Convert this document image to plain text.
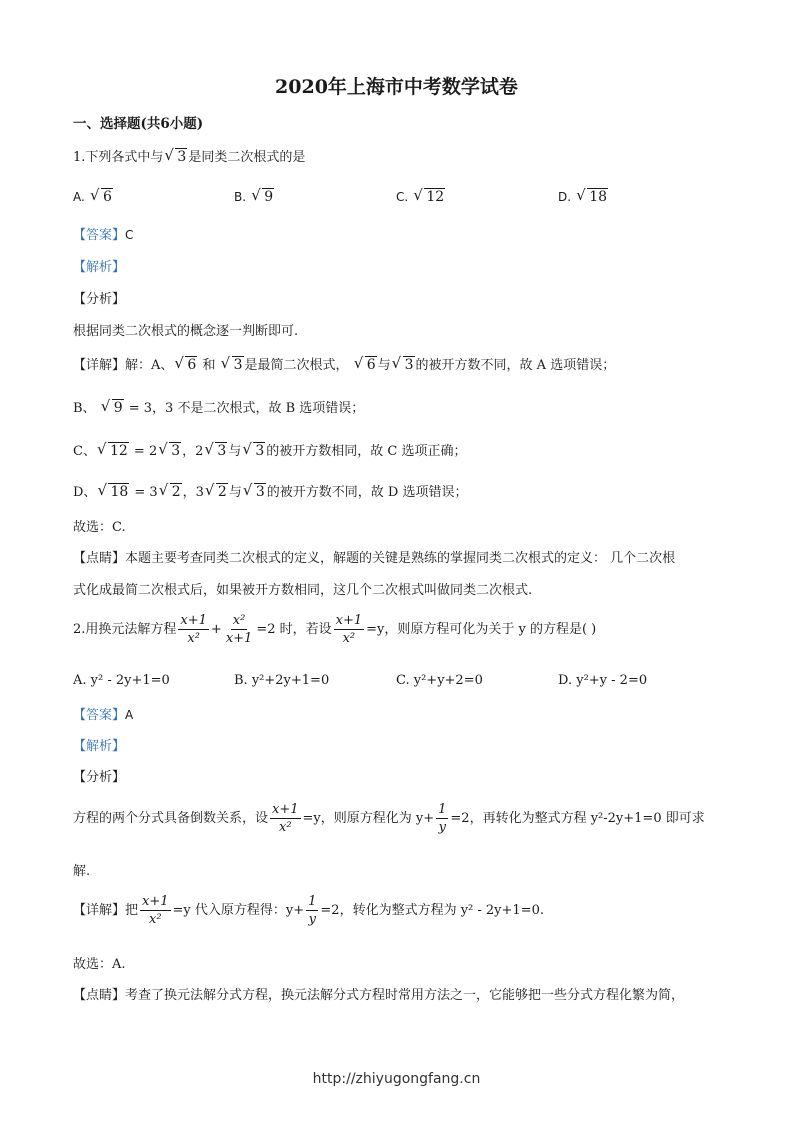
2020年上海市中考数学试卷
一、选择题(共6小题)
1.下列各式中与 √ 3 是同类二次根式的是
A. √ 6	B. √ 9	C. √ 12	D. √ 18
【答案】C
【解析】
【分析】
根据同类二次根式的概念逐一判断即可.
【详解】解：A、 √ 6 和 √ 3 是最简二次根式， √ 6 与 √ 3 的被开方数不同，故 A 选项错误；
B、 √ 9 = 3，3 不是二次根式，故 B 选项错误；
C、 √ 12 = 2 √ 3 ，2 √ 3 与 √ 3 的被开方数相同，故 C 选项正确；
D、 √ 18 = 3 √ 2 ，3 √ 2 与 √ 3 的被开方数不同，故 D 选项错误；
故选：C.
【点睛】本题主要考查同类二次根式的定义，解题的关键是熟练的掌握同类二次根式的定义： 几个二次根
式化成最简二次根式后，如果被开方数相同，这几个二次根式叫做同类二次根式.
2.用换元法解方程 $\frac{x+1}{\text{x²}} + \frac{\text{x²}}{x+1} =2$ 时，若设 $\frac{x+1}{\text{x²}} =y$，则原方程可化为关于 y 的方程是( )
A. y² ‑ 2y+1=0	B. y²+2y+1=0	C. y²+y+2=0	D. y²+y ‑ 2=0
【答案】A
【解析】
【分析】
方程的两个分式具备倒数关系，设 $\frac{x+1}{\text{x²}} =y$，则原方程化为 $y+ \frac{1}{y} =2$，再转化为整式方程 y²-2y+1=0 即可求
解.
【详解】把 $\frac{x+1}{\text{x²}} =y$ 代入原方程得：$y+ \frac{1}{y} =2$，转化为整式方程为 y² ‑ 2y+1=0.
故选：A.
【点睛】考查了换元法解分式方程，换元法解分式方程时常用方法之一，它能够把一些分式方程化繁为简，
http://zhiyugongfang.cn
